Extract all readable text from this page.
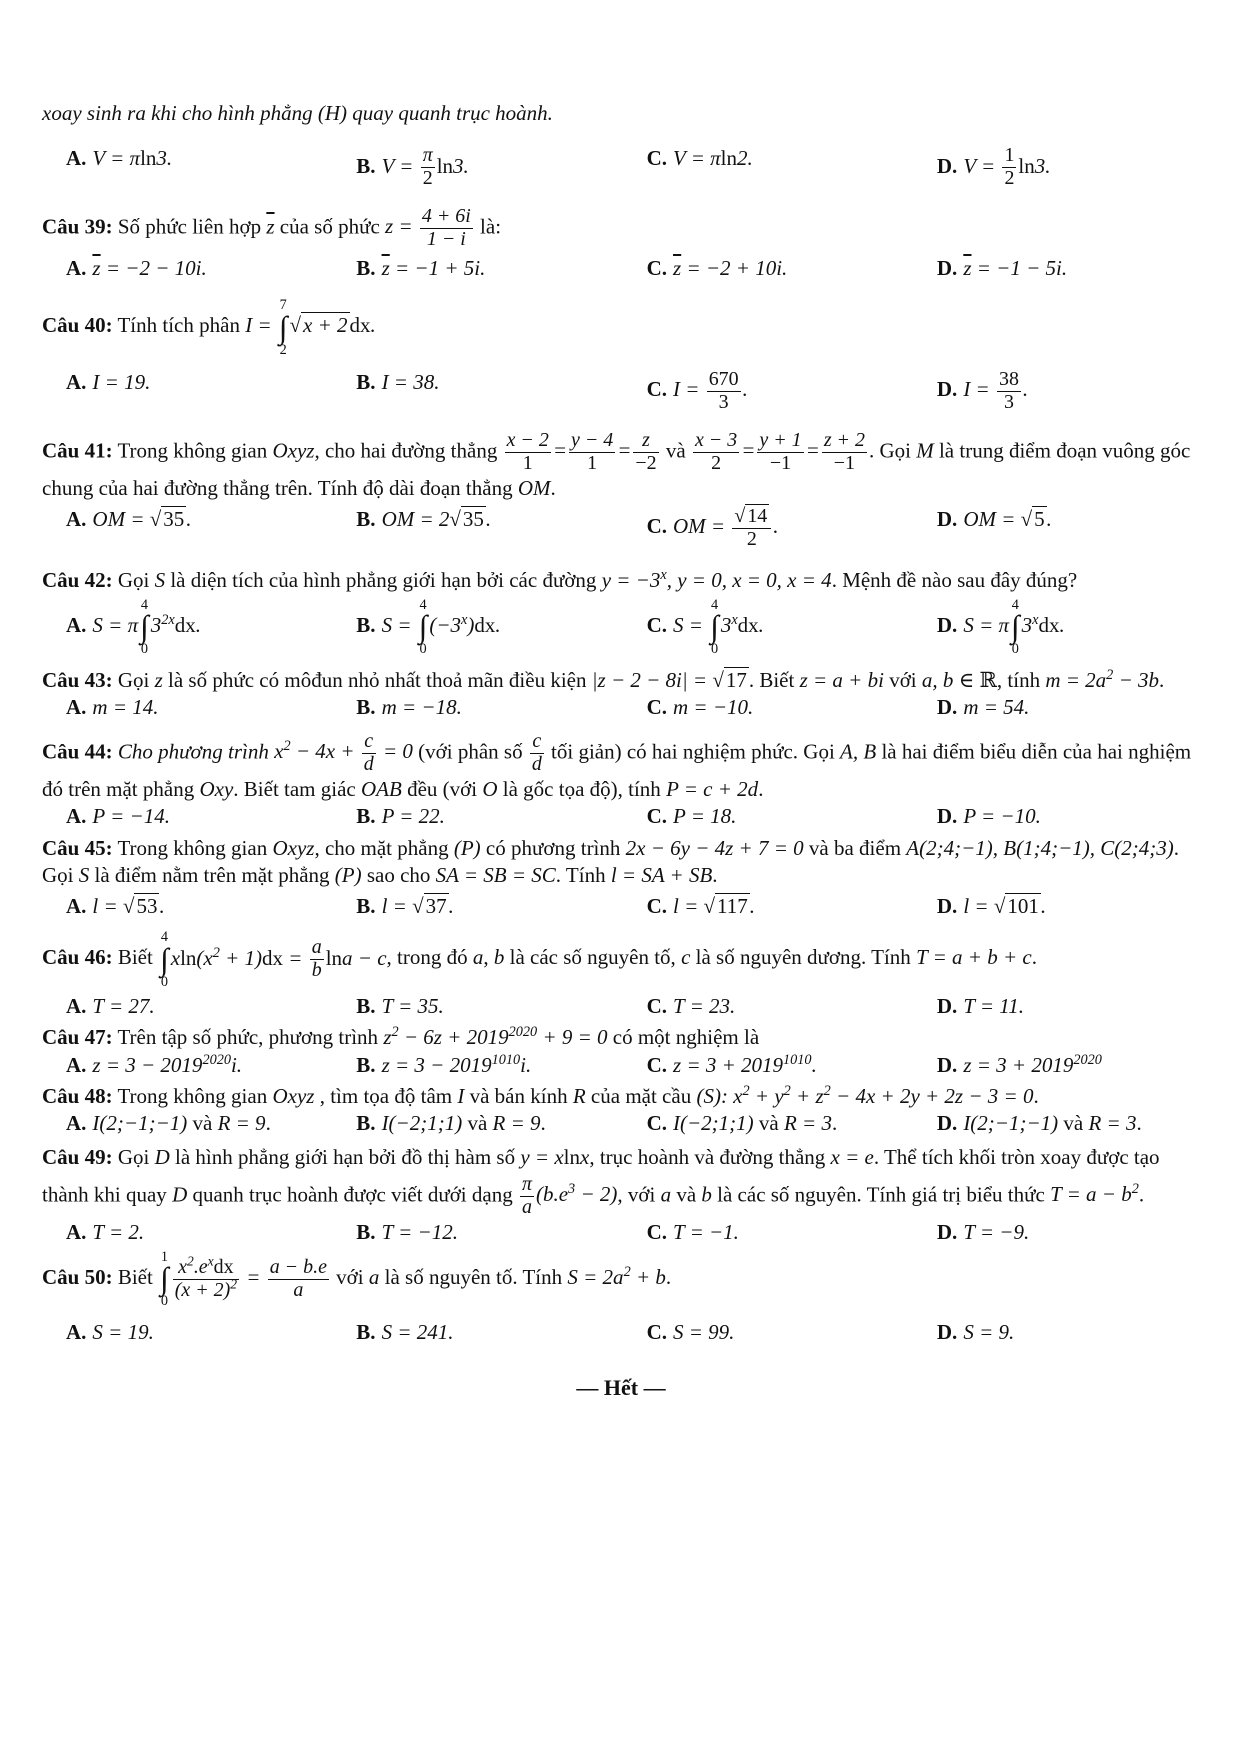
xoay sinh ra khi cho hình phẳng (H) quay quanh trục hoành.

A. V = πln3.	B. $V = \frac{\pi}{2} \ln 3$.	C. V = πln2.	D. $V = \frac{1}{2} \ln 3$.

Câu 39: Số phức liên hợp $\overline{z}$ của số phức $z = \frac{4 + 6i}{1 - i}$ là:

A. $\overline{z} = -2 - 10i$.	B. $\overline{z} = -1 + 5i$.	C. $\overline{z} = -2 + 10i$.	D. $\overline{z} = -1 - 5i$.

Câu 40: Tính tích phân I =
7
∫
2
√x + 2dx.

A. I = 19.	B. I = 38.	C. $I = \frac{670}{3}$ .	D. $I = \frac{38}{3}$ .

Câu 41: Trong không gian Oxyz, cho hai đường thẳng $\frac{x - 2}{1} = \frac{y - 4}{1} = \frac{z}{-2}$ và $\frac{x - 3}{2} = \frac{y + 1}{-1} = \frac{z + 2}{-1}$ . Gọi M là trung điểm đoạn vuông góc chung của hai đường thẳng trên. Tính độ dài đoạn thẳng OM.

A. OM = √35.	B. OM = 2√35.	C. OM = $\frac{√ 14}{2}$ .	D. OM = √5.

Câu 42: Gọi S là diện tích của hình phẳng giới hạn bởi các đường $y = -3^x$, y = 0, x = 0, x = 4. Mệnh đề nào sau đây đúng?

A. S = π
4
∫
0
$3^{2x}dx$.	B. S =
4
∫
0
$(-3^x)dx$.	C. S =
4
∫
0
3$^x$dx.	D. S = π
4
∫
0
3$^x$dx.

Câu 43: Gọi z là số phức có môđun nhỏ nhất thoả mãn điều kiện |z − 2 − 8i| = √17. Biết z = a + bi với a, b ∈ ℝ, tính $m = 2a^2 - 3b$.

A. m = 14.	B. m = −18.	C. m = −10.	D. m = 54.

Câu 44: Cho phương trình $x^2 - 4x + \frac{c}{d} = 0$ (với phân số $\frac{c}{d}$ tối giản) có hai nghiệm phức. Gọi A, B là hai điểm biểu diễn của hai nghiệm đó trên mặt phẳng Oxy. Biết tam giác OAB đều (với O là gốc tọa độ), tính P = c + 2d.

A. P = −14.	B. P = 22.	C. P = 18.	D. P = −10.

Câu 45: Trong không gian Oxyz, cho mặt phẳng (P) có phương trình 2x − 6y − 4z + 7 = 0 và ba điểm A(2;4;−1), B(1;4;−1), C(2;4;3). Gọi S là điểm nằm trên mặt phẳng (P) sao cho SA = SB = SC. Tính l = SA + SB.

A. l = √53.	B. l = √37.	C. l = √117.	D. l = √101.

Câu 46: Biết
4
∫
0
$xln(x^2 + 1)dx = \frac{a}{b}$ lna − c, trong đó a, b là các số nguyên tố, c là số nguyên dương. Tính T = a + b + c.

A. T = 27.	B. T = 35.	C. T = 23.	D. T = 11.

Câu 47: Trên tập số phức, phương trình $z^2 - 6z + 2019^{2020} + 9 = 0$ có một nghiệm là

A. $z = 3 - 2019^{2020}i$.	B. $z = 3 - 2019^{1010}i$.	C. $z = 3 + 2019^{1010}$.	D. $z = 3 + 2019^{2020}$

Câu 48: Trong không gian Oxyz , tìm tọa độ tâm I và bán kính R của mặt cầu (S): $x^2 + y^2 + z^2 - 4x + 2y + 2z - 3 = 0$.

A. I(2;−1;−1) và R = 9.	B. I(−2;1;1) và R = 9.	C. I(−2;1;1) và R = 3.	D. I(2;−1;−1) và R = 3.

Câu 49: Gọi D là hình phẳng giới hạn bởi đồ thị hàm số y = xlnx, trục hoành và đường thẳng x = e. Thể tích khối tròn xoay được tạo thành khi quay D quanh trục hoành được viết dưới dạng $\frac{\pi}{a} (b.e^3 - 2)$, với a và b là các số nguyên. Tính giá trị biểu thức $T = a - b^2$.

A. T = 2.	B. T = −12.	C. T = −1.	D. T = −9.

Câu 50: Biết
1
∫
$0 \frac{x^2.e^xdx}{(x + 2)^2} = \frac{a - b.e}{a}$ với a là số nguyên tố. Tính $S = 2a^2 + b$.

A. S = 19.	B. S = 241.	C. S = 99.	D. S = 9.
— Hết —
